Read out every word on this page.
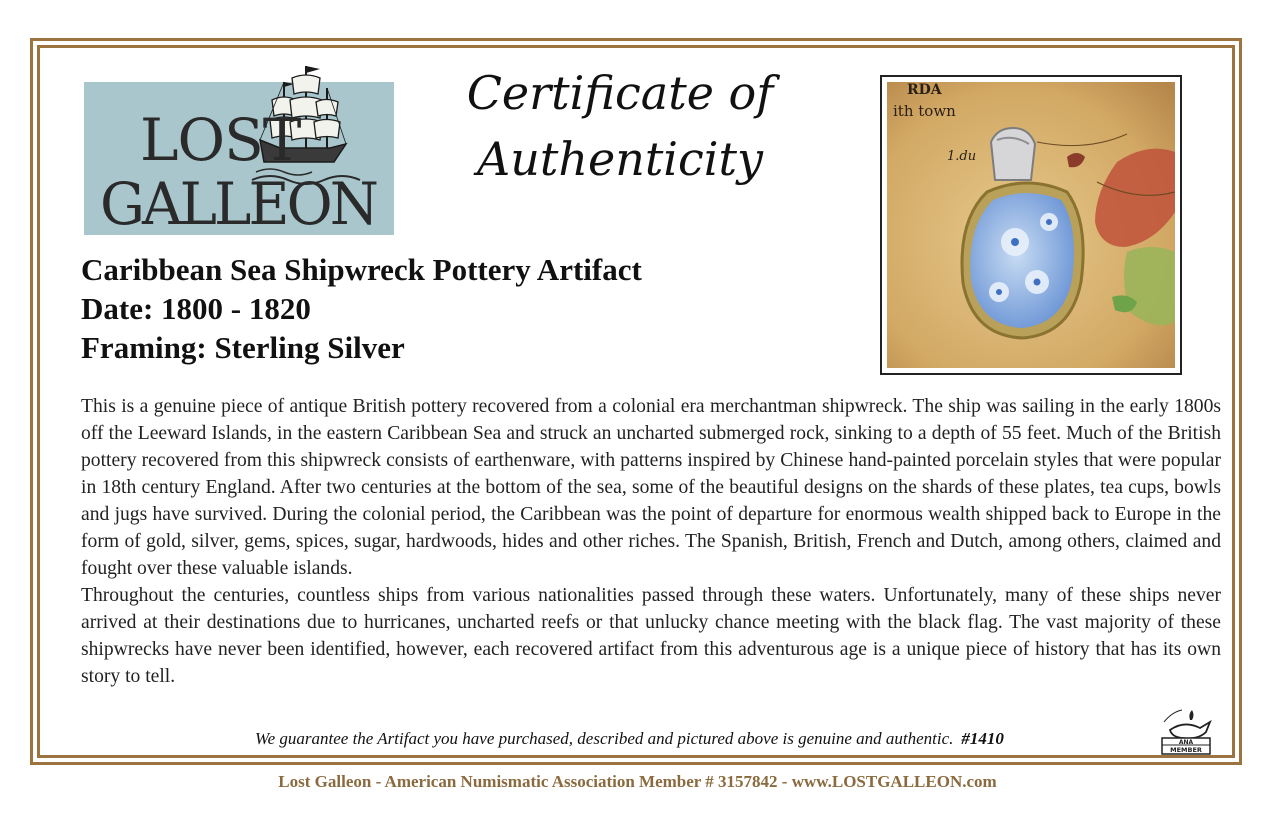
LOST
GALLEON
Certificate of
Authenticity
RDA
ith town
1.du
Caribbean Sea Shipwreck Pottery Artifact
Date: 1800 - 1820
Framing: Sterling Silver

This is a genuine piece of antique British pottery recovered from a colonial era merchantman shipwreck. The ship was sailing in the early 1800s off the Leeward Islands, in the eastern Caribbean Sea and struck an uncharted submerged rock, sinking to a depth of 55 feet. Much of the British pottery recovered from this shipwreck consists of earthenware, with patterns inspired by Chinese hand-painted porcelain styles that were popular in 18th century England. After two centuries at the bottom of the sea, some of the beautiful designs on the shards of these plates, tea cups, bowls and jugs have survived. During the colonial period, the Caribbean was the point of departure for enormous wealth shipped back to Europe in the form of gold, silver, gems, spices, sugar, hardwoods, hides and other riches. The Spanish, British, French and Dutch, among others, claimed and fought over these valuable islands.

Throughout the centuries, countless ships from various nationalities passed through these waters. Unfortunately, many of these ships never arrived at their destinations due to hurricanes, uncharted reefs or that unlucky chance meeting with the black flag. The vast majority of these shipwrecks have never been identified, however, each recovered artifact from this adventurous age is a unique piece of history that has its own story to tell.

We guarantee the Artifact you have purchased, described and pictured above is genuine and authentic. #1410	ANA
MEMBER
Lost Galleon - American Numismatic Association Member # 3157842 - www.LOSTGALLEON.com
